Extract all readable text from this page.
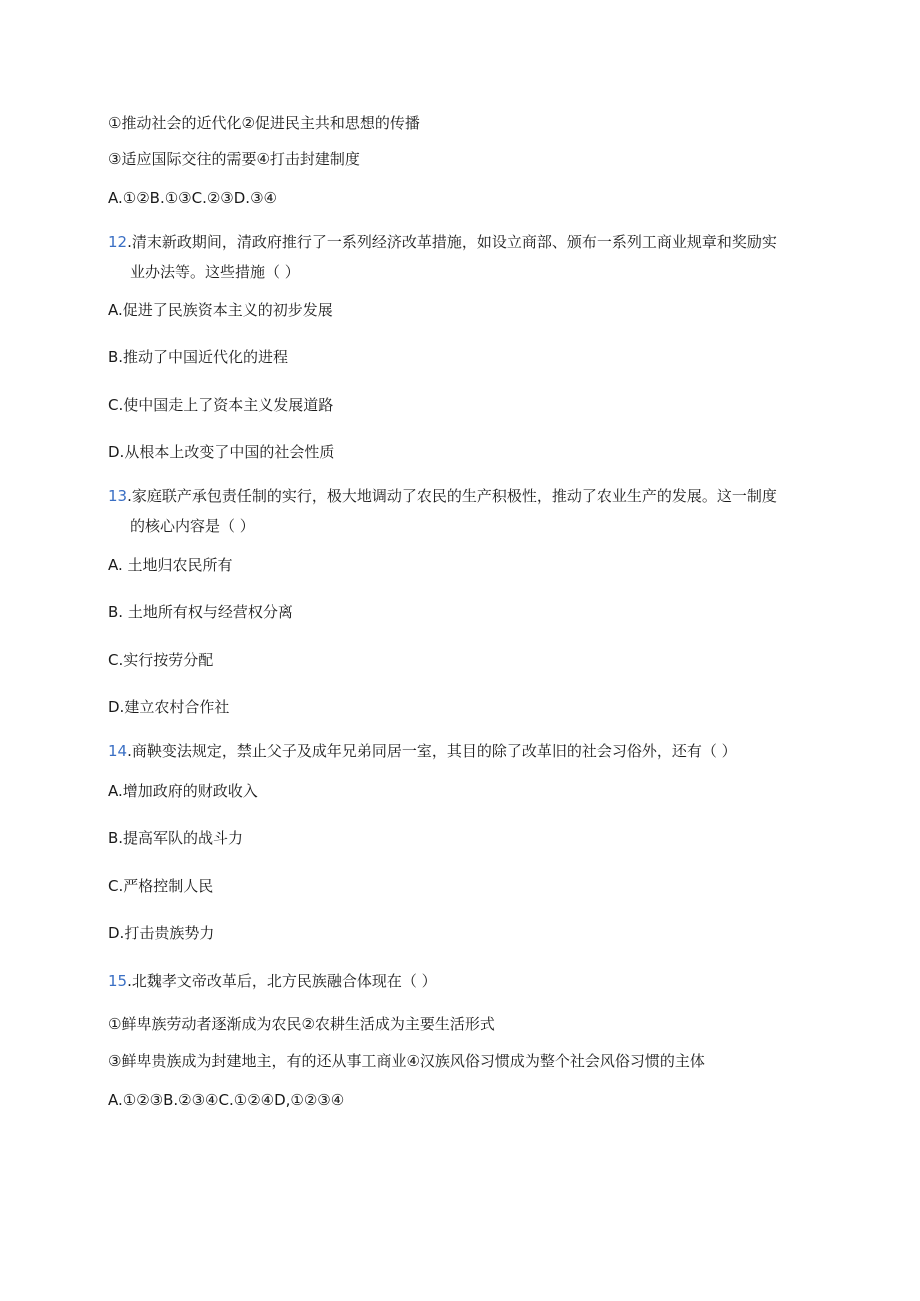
①推动社会的近代化②促进民主共和思想的传播

③适应国际交往的需要④打击封建制度

A.①②B.①③C.②③D.③④

12.清末新政期间，清政府推行了一系列经济改革措施，如设立商部、颁布一系列工商业规章和奖励实
业办法等。这些措施（ ）

A.促进了民族资本主义的初步发展

B.推动了中国近代化的进程

C.使中国走上了资本主义发展道路

D.从根本上改变了中国的社会性质

13.家庭联产承包责任制的实行，极大地调动了农民的生产积极性，推动了农业生产的发展。这一制度
的核心内容是（ ）

A. 土地归农民所有

B. 土地所有权与经营权分离

C.实行按劳分配

D.建立农村合作社

14.商鞅变法规定，禁止父子及成年兄弟同居一室，其目的除了改革旧的社会习俗外，还有（ ）

A.增加政府的财政收入

B.提高军队的战斗力

C.严格控制人民

D.打击贵族势力

15.北魏孝文帝改革后，北方民族融合体现在（ ）

①鲜卑族劳动者逐渐成为农民②农耕生活成为主要生活形式

③鲜卑贵族成为封建地主，有的还从事工商业④汉族风俗习惯成为整个社会风俗习惯的主体

A.①②③B.②③④C.①②④D,①②③④
